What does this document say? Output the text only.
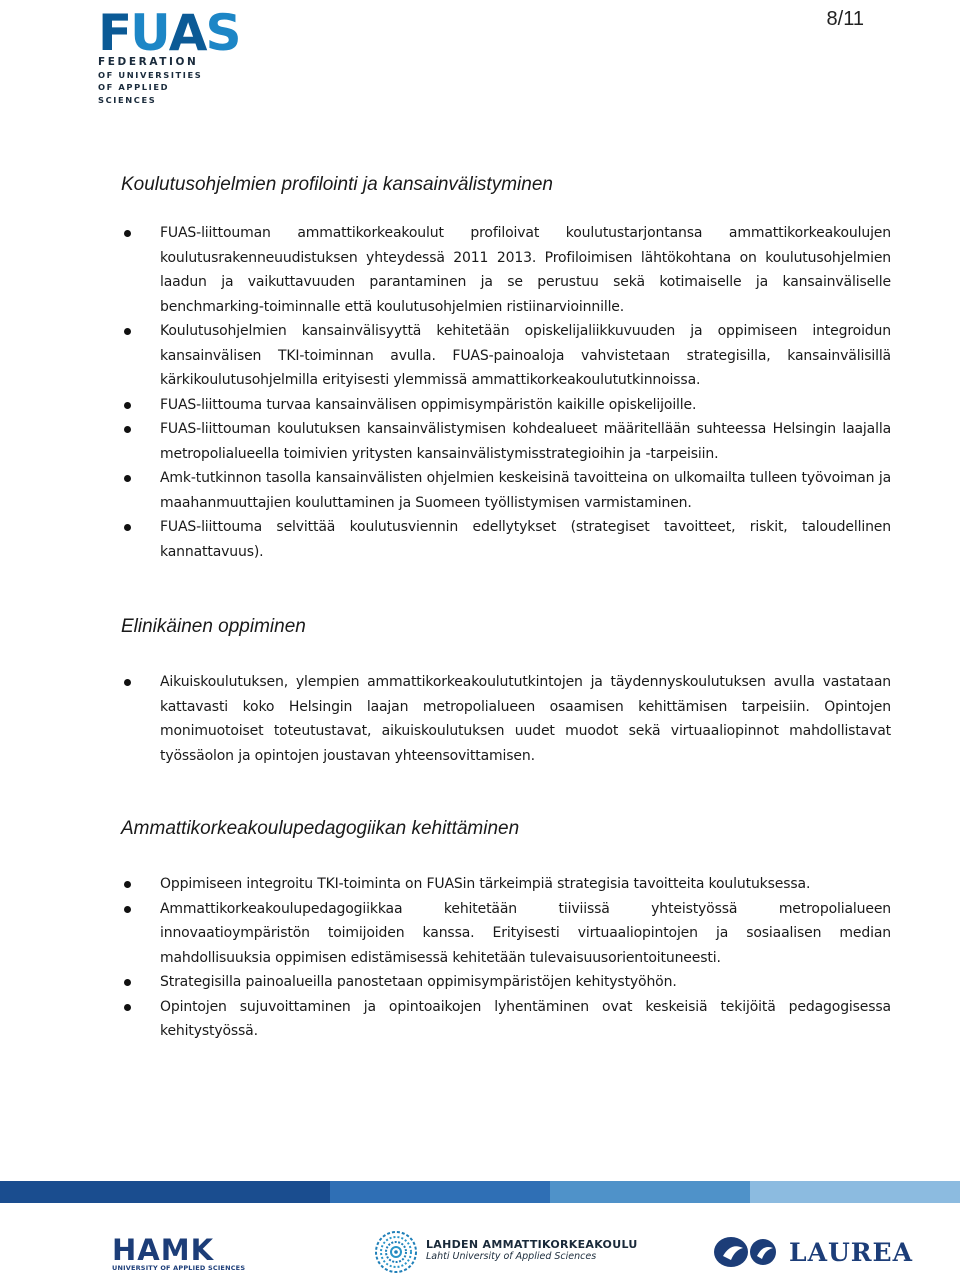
8/11
F U A S
FEDERATION
OF UNIVERSITIES
OF APPLIED SCIENCES
Koulutusohjelmien profilointi ja kansainvälistyminen
FUAS-liittouman ammattikorkeakoulut profiloivat koulutustarjontansa ammattikorkeakoulujen koulutusrakenneuudistuksen yhteydessä 2011 2013. Profiloimisen lähtökohtana on koulutusohjelmien laadun ja vaikuttavuuden parantaminen ja se perustuu sekä kotimaiselle ja kansainväliselle benchmarking-toiminnalle että koulutusohjelmien ristiinarvioinnille.
Koulutusohjelmien kansainvälisyyttä kehitetään opiskelijaliikkuvuuden ja oppimiseen integroidun kansainvälisen TKI-toiminnan avulla. FUAS-painoaloja vahvistetaan strategisilla, kansainvälisillä kärkikoulutusohjelmilla erityisesti ylemmissä ammattikorkeakoulututkinnoissa.
FUAS-liittouma turvaa kansainvälisen oppimisympäristön kaikille opiskelijoille.
FUAS-liittouman koulutuksen kansainvälistymisen kohdealueet määritellään suhteessa Helsingin laajalla metropolialueella toimivien yritysten kansainvälistymisstrategioihin ja -tarpeisiin.
Amk-tutkinnon tasolla kansainvälisten ohjelmien keskeisinä tavoitteina on ulkomailta tulleen työvoiman ja maahanmuuttajien kouluttaminen ja Suomeen työllistymisen varmistaminen.
FUAS-liittouma selvittää koulutusviennin edellytykset (strategiset tavoitteet, riskit, taloudellinen kannattavuus).
Elinikäinen oppiminen
Aikuiskoulutuksen, ylempien ammattikorkeakoulututkintojen ja täydennyskoulutuksen avulla vastataan kattavasti koko Helsingin laajan metropolialueen osaamisen kehittämisen tarpeisiin. Opintojen monimuotoiset toteutustavat, aikuiskoulutuksen uudet muodot sekä virtuaaliopinnot mahdollistavat työssäolon ja opintojen joustavan yhteensovittamisen.
Ammattikorkeakoulupedagogiikan kehittäminen
Oppimiseen integroitu TKI-toiminta on FUASin tärkeimpiä strategisia tavoitteita koulutuksessa.
Ammattikorkeakoulupedagogiikkaa kehitetään tiiviissä yhteistyössä metropolialueen innovaatioympäristön toimijoiden kanssa. Erityisesti virtuaaliopintojen ja sosiaalisen median mahdollisuuksia oppimisen edistämisessä kehitetään tulevaisuusorientoituneesti.
Strategisilla painoalueilla panostetaan oppimisympäristöjen kehitystyöhön.
Opintojen sujuvoittaminen ja opintoaikojen lyhentäminen ovat keskeisiä tekijöitä pedagogisessa kehitystyössä.
HAMK
UNIVERSITY OF APPLIED SCIENCES
LAHDEN AMMATTIKORKEAKOULU
Lahti University of Applied Sciences	LAUREA
